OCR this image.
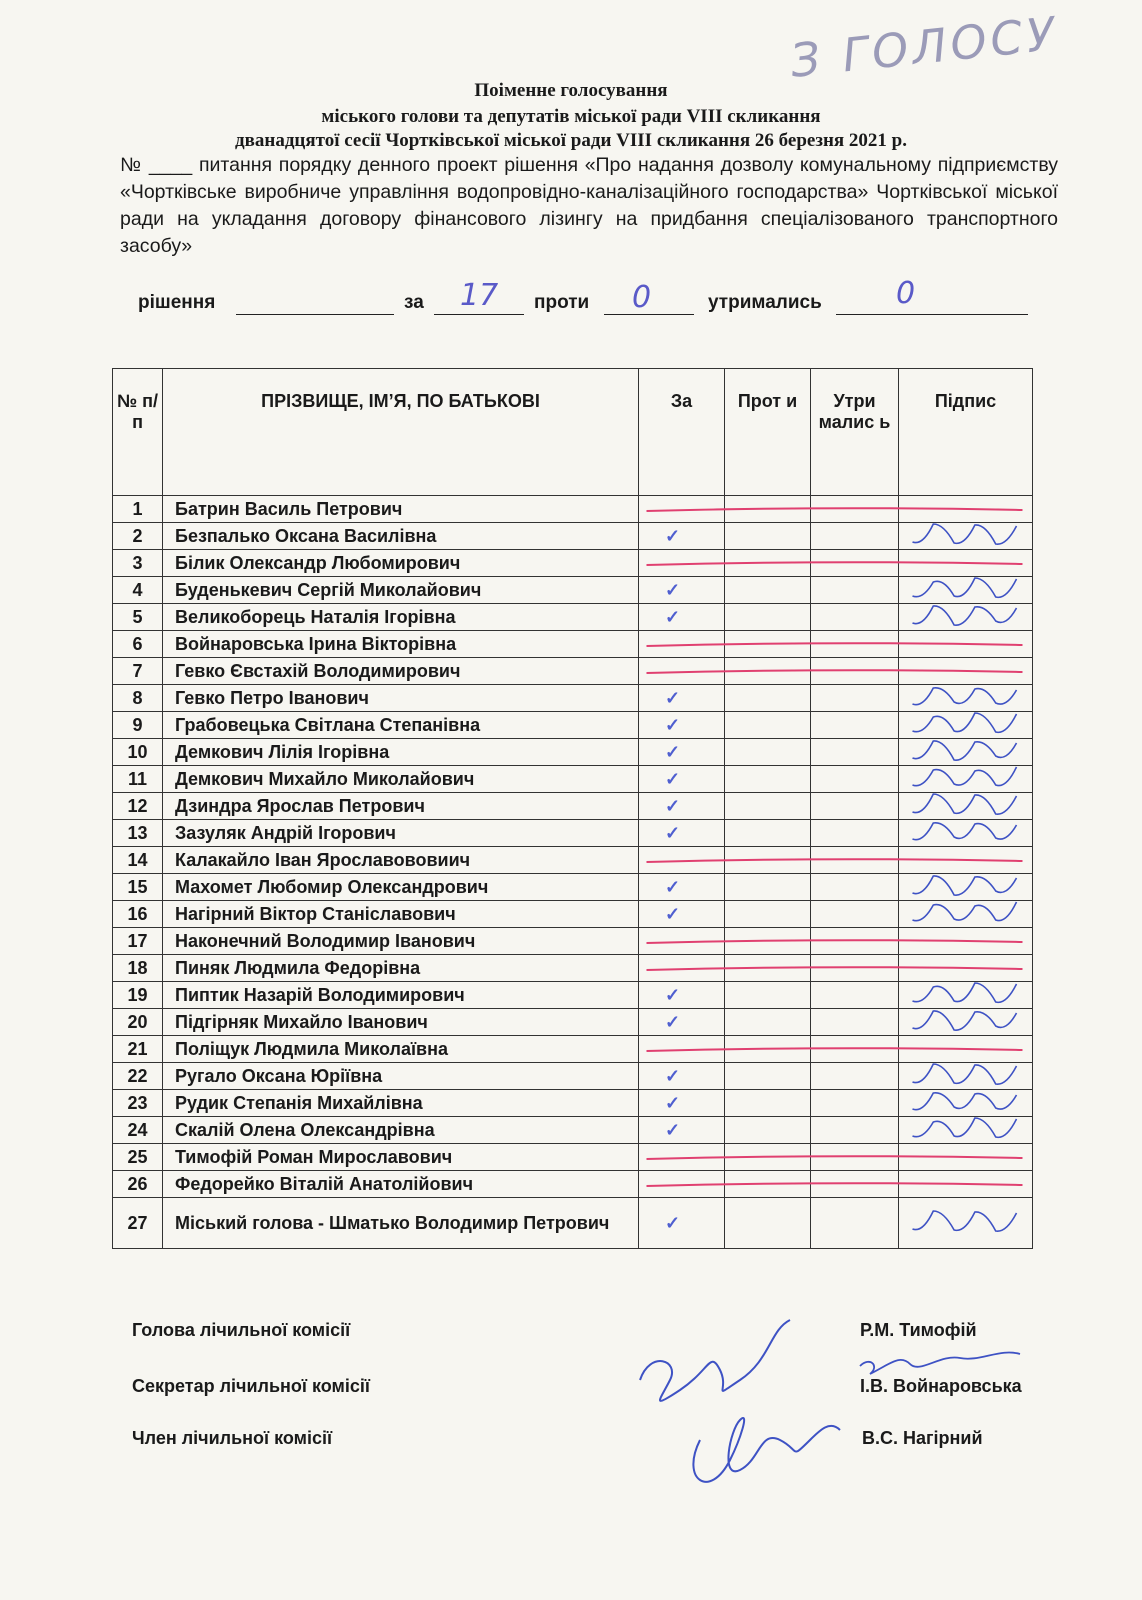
З ГОЛОСУ
Поіменне голосування
міського голови та депутатів міської ради VIII скликання
дванадцятої сесії Чортківської міської ради VIII скликання 26 березня 2021 р.
№ ____ питання порядку денного проект рішення «Про надання дозволу комунальному підприємству «Чортківське виробниче управління водопровідно-каналізаційного господарства» Чортківської міської ради на укладання договору фінансового лізингу на придбання спеціалізованого транспортного засобу»
рішення	за 17 проти 0	утримались 0
№ п/п	ПРІЗВИЩЕ, ІМ’Я, ПО БАТЬКОВІ	За	Прот и	Утри малис ь	Підпис
1	Батрин Василь Петрович				
2	Безпалько Оксана Василівна	✓			
3	Білик Олександр Любомирович				
4	Буденькевич Сергій Миколайович	✓			
5	Великоборець Наталія Ігорівна	✓			
6	Войнаровська Ірина Вікторівна				
7	Гевко Євстахій Володимирович				
8	Гевко Петро Іванович	✓			
9	Грабовецька Світлана Степанівна	✓			
10	Демкович Лілія Ігорівна	✓			
11	Демкович Михайло Миколайович	✓			
12	Дзиндра Ярослав Петрович	✓			
13	Зазуляк Андрій Ігорович	✓			
14	Калакайло Іван Ярославововиич				
15	Махомет Любомир Олександрович	✓			
16	Нагірний Віктор Станіславович	✓			
17	Наконечний Володимир Іванович				
18	Пиняк Людмила Федорівна				
19	Пиптик Назарій Володимирович	✓			
20	Підгірняк Михайло Іванович	✓			
21	Поліщук Людмила Миколаївна				
22	Ругало Оксана Юріївна	✓			
23	Рудик Степанія Михайлівна	✓			
24	Скалій Олена Олександрівна	✓			
25	Тимофій Роман Мирославович				
26	Федорейко Віталій Анатолійович				
27	Міський голова - Шматько Володимир Петрович	✓			
Голова лічильної комісії	Р.М. Тимофій
Секретар лічильної комісії	І.В. Войнаровська
Член лічильної комісії	В.С. Нагірний
